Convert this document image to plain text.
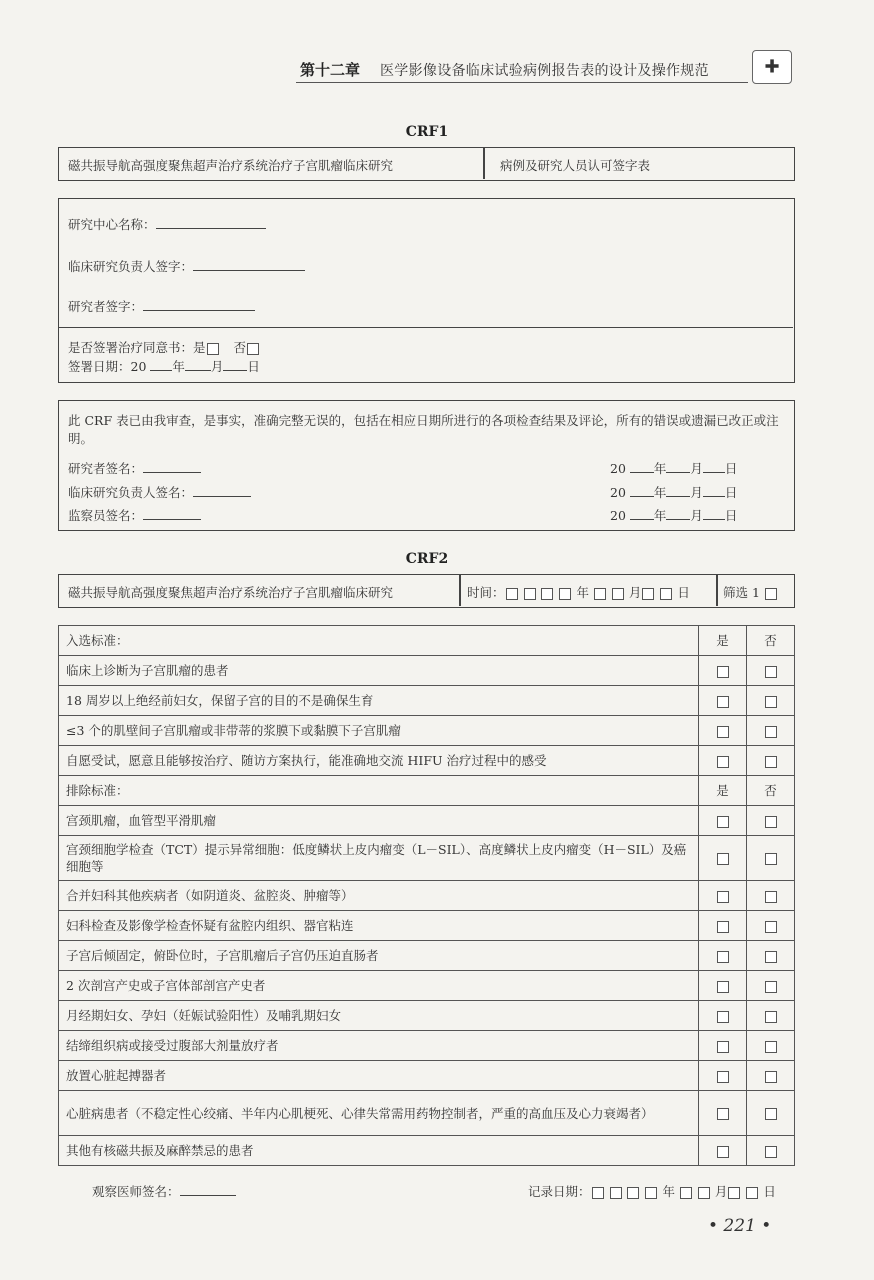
第十二章 医学影像设备临床试验病例报告表的设计及操作规范	✚
CRF1
磁共振导航高强度聚焦超声治疗系统治疗子宫肌瘤临床研究	病例及研究人员认可签字表
研究中心名称：
临床研究负责人签字：
研究者签字：
是否签署治疗同意书：是 否
签署日期：20 年 月 日
此 CRF 表已由我审查，是事实，准确完整无误的，包括在相应日期所进行的各项检查结果及评论，所有的错误或遗漏已改正或注明。
研究者签名：
临床研究负责人签名：
监察员签名：
20 年 月 日
20 年 月 日
20 年 月 日
CRF2
磁共振导航高强度聚焦超声治疗系统治疗子宫肌瘤临床研究	时间：	年	月	日	筛选 1
入选标准：	是	否
临床上诊断为子宫肌瘤的患者		
18 周岁以上绝经前妇女，保留子宫的目的不是确保生育		
≤3 个的肌壁间子宫肌瘤或非带蒂的浆膜下或黏膜下子宫肌瘤		
自愿受试，愿意且能够按治疗、随访方案执行，能准确地交流 HIFU 治疗过程中的感受		
排除标准：	是	否
宫颈肌瘤，血管型平滑肌瘤		
宫颈细胞学检查（TCT）提示异常细胞：低度鳞状上皮内瘤变（L－SIL）、高度鳞状上皮内瘤变（H－SIL）及癌细胞等		
合并妇科其他疾病者（如阴道炎、盆腔炎、肿瘤等）		
妇科检查及影像学检查怀疑有盆腔内组织、器官粘连		
子宫后倾固定，俯卧位时，子宫肌瘤后子宫仍压迫直肠者		
2 次剖宫产史或子宫体部剖宫产史者		
月经期妇女、孕妇（妊娠试验阳性）及哺乳期妇女		
结缔组织病或接受过腹部大剂量放疗者		
放置心脏起搏器者		
心脏病患者（不稳定性心绞痛、半年内心肌梗死、心律失常需用药物控制者，严重的高血压及心力衰竭者）		
其他有核磁共振及麻醉禁忌的患者		
观察医师签名：	记录日期：	年	月	日
• 221 •
